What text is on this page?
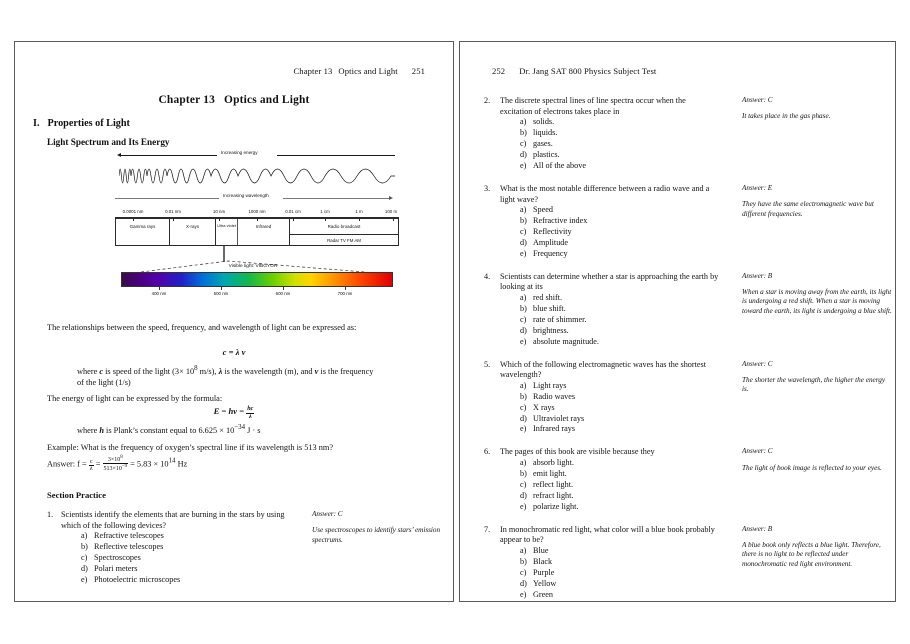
Chapter 13 Optics and Light 251
Chapter 13 Optics and Light
I. Properties of Light
Light Spectrum and Its Energy
Increasing energy
Increasing wavelength
0.0001 nm	0.01 nm	10 nm	1000 nm	0.01 cm	1 cm	1 m	100 m
Gamma rays	X-rays	Ultra violet	Infrared	Radio broadcast
Radar TV FM AM
Visible light: VIBGYOR
400 nm	500 nm	600 nm	700 nm
The relationships between the speed, frequency, and wavelength of light can be expressed as:
c = λ ν
where c is speed of the light ($3\times 10^8$ m/s), λ is the wavelength (m), and ν is the frequency of the light (1/s)
The energy of light can be expressed by the formula:
$E = h\nu = \frac{hc}{\lambda}$
where h is Plank’s constant equal to $6.625 \times 10^{-34}$ J · s
Example: What is the frequency of oxygen’s spectral line if its wavelength is 513 nm?
Answer: $f = \frac{c}{\lambda} = \frac{3\times 10^8}{513\times 10^{-9}} = 5.83 \times 10^{14}$ Hz
Section Practice
1. Scientists identify the elements that are burning in the stars by using which of the following devices?
a) Refractive telescopes
b) Reflective telescopes
c) Spectroscopes
d) Polari meters
e) Photoelectric microscopes
Answer: C
Use spectroscopes to identify stars’ emission spectrums.
252 Dr. Jang SAT 800 Physics Subject Test
2.	The discrete spectral lines of line spectra occur when the excitation of electrons takes place in
a) solids.
b) liquids.
c) gases.
d) plastics.
e) All of the above
Answer: C
It takes place in the gas phase.
3.	What is the most notable difference between a radio wave and a light wave?
a) Speed
b) Refractive index
c) Reflectivity
d) Amplitude
e) Frequency
Answer: E
They have the same electromagnetic wave but different frequencies.
4.	Scientists can determine whether a star is approaching the earth by looking at its
a) red shift.
b) blue shift.
c) rate of shimmer.
d) brightness.
e) absolute magnitude.
Answer: B
When a star is moving away from the earth, its light is undergoing a red shift. When a star is moving toward the earth, its light is undergoing a blue shift.
5.	Which of the following electromagnetic waves has the shortest wavelength?
a) Light rays
b) Radio waves
c) X rays
d) Ultraviolet rays
e) Infrared rays
Answer: C
The shorter the wavelength, the higher the energy is.
6.	The pages of this book are visible because they
a) absorb light.
b) emit light.
c) reflect light.
d) refract light.
e) polarize light.
Answer: C
The light of book image is reflected to your eyes.
7.	In monochromatic red light, what color will a blue book probably appear to be?
a) Blue
b) Black
c) Purple
d) Yellow
e) Green
Answer: B
A blue book only reflects a blue light. Therefore, there is no light to be reflected under monochromatic red light environment.
